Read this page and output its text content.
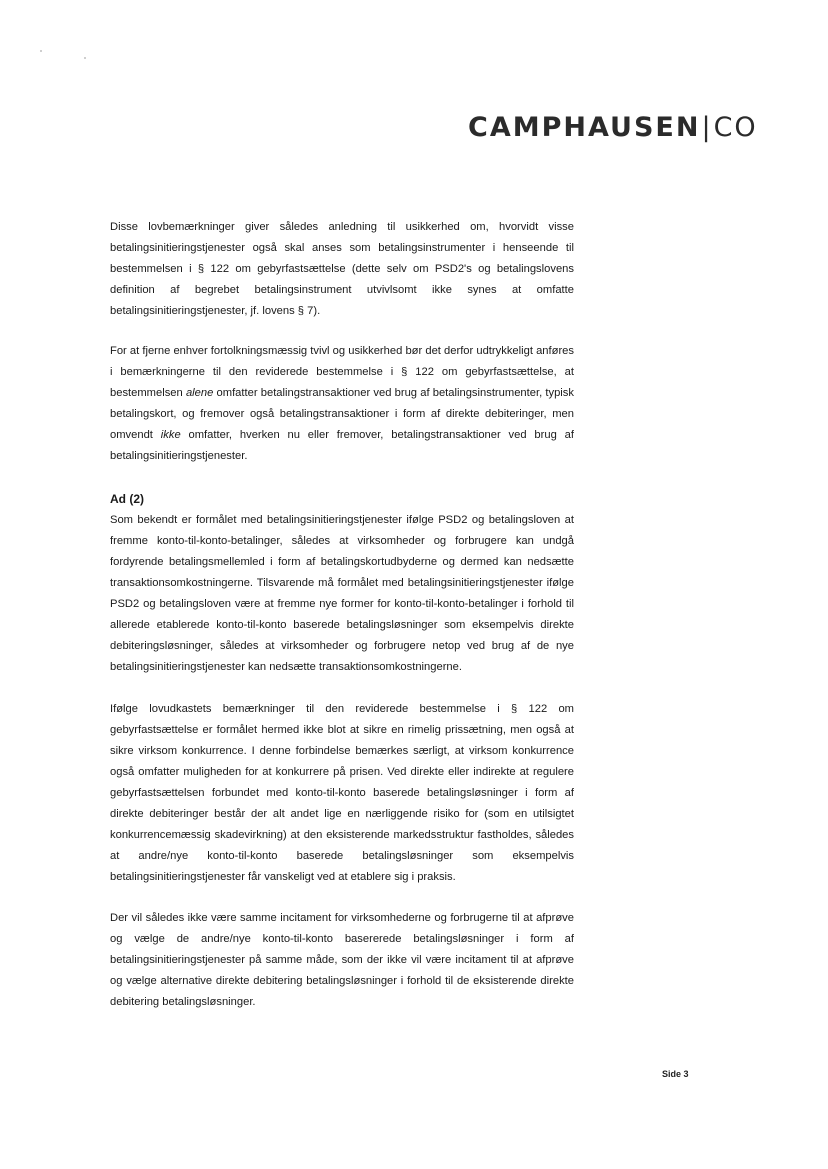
CAMPHAUSEN|CO

Disse lovbemærkninger giver således anledning til usikkerhed om, hvorvidt visse betalingsinitieringstjenester også skal anses som betalingsinstrumenter i henseende til bestemmelsen i § 122 om gebyrfastsættelse (dette selv om PSD2's og betalingslovens definition af begrebet betalingsinstrument utvivlsomt ikke synes at omfatte betalingsinitieringstjenester, jf. lovens § 7).

For at fjerne enhver fortolkningsmæssig tvivl og usikkerhed bør det derfor udtrykkeligt anføres i bemærkningerne til den reviderede bestemmelse i § 122 om gebyrfastsættelse, at bestemmelsen alene omfatter betalingstransaktioner ved brug af betalingsinstrumenter, typisk betalingskort, og fremover også betalingstransaktioner i form af direkte debiteringer, men omvendt ikke omfatter, hverken nu eller fremover, betalingstransaktioner ved brug af betalingsinitieringstjenester.

Ad (2)

Som bekendt er formålet med betalingsinitieringstjenester ifølge PSD2 og betalingsloven at fremme konto-til-konto-betalinger, således at virksomheder og forbrugere kan undgå fordyrende betalingsmellemled i form af betalingskortudbyderne og dermed kan nedsætte transaktionsomkostningerne. Tilsvarende må formålet med betalingsinitieringstjenester ifølge PSD2 og betalingsloven være at fremme nye former for konto-til-konto-betalinger i forhold til allerede etablerede konto-til-konto baserede betalingsløsninger som eksempelvis direkte debiteringsløsninger, således at virksomheder og forbrugere netop ved brug af de nye betalingsinitieringstjenester kan nedsætte transaktionsomkostningerne.

Ifølge lovudkastets bemærkninger til den reviderede bestemmelse i § 122 om gebyrfastsættelse er formålet hermed ikke blot at sikre en rimelig prissætning, men også at sikre virksom konkurrence. I denne forbindelse bemærkes særligt, at virksom konkurrence også omfatter muligheden for at konkurrere på prisen. Ved direkte eller indirekte at regulere gebyrfastsættelsen forbundet med konto-til-konto baserede betalingsløsninger i form af direkte debiteringer består der alt andet lige en nærliggende risiko for (som en utilsigtet konkurrencemæssig skadevirkning) at den eksisterende markedsstruktur fastholdes, således at andre/nye konto-til-konto baserede betalingsløsninger som eksempelvis betalingsinitieringstjenester får vanskeligt ved at etablere sig i praksis.

Der vil således ikke være samme incitament for virksomhederne og forbrugerne til at afprøve og vælge de andre/nye konto-til-konto basererede betalingsløsninger i form af betalingsinitieringstjenester på samme måde, som der ikke vil være incitament til at afprøve og vælge alternative direkte debitering betalingsløsninger i forhold til de eksisterende direkte debitering betalingsløsninger.

Side 3
